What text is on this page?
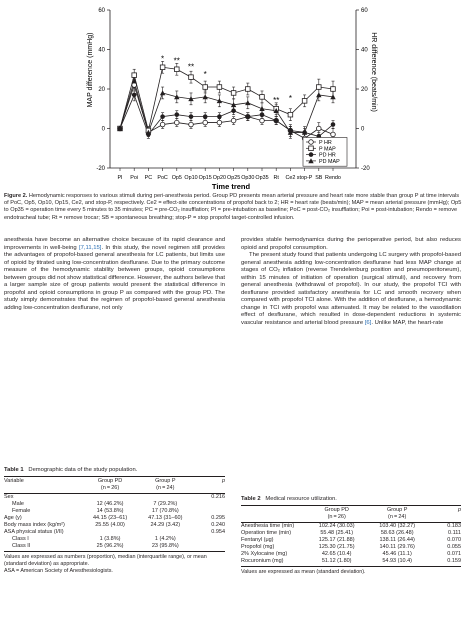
-20
0
20
40
60
-20
0
20
40
60
PI Poi PC PoC Op5 Op10 Op15 Op20 Op25 Op30 Op35 Rt Ce2 stop-P SB Rendo
* **
**
*
** *
P HR
P MAP
PD HR
PD MAP
MAP difference (mmHg)	HR difference (beats/min)
Time trend
Figure 2. Hemodynamic responses to various stimuli during peri-anesthesia period. Group PD presents mean arterial pressure and heart rate more stable than group P at time intervals of PoC, Op5, Op10, Op15, Ce2, and stop-P, respectively. Ce2 = effect-site concentrations of propofol back to 2; HR = heart rate (beats/min); MAP = mean arterial pressure (mmHg); Op5 to Op35 = operation time every 5 minutes to 35 minutes; PC = pre-CO₂ insufflation; PI = pre-intubation as baseline; PoC = post-CO₂ insufflation; Poi = post-intubation; Rendo = remove endotracheal tube; Rt = remove trocar; SB = spontaneous breathing; stop-P = stop propofol target-controlled infusion.

anesthesia have become an alternative choice because of its rapid clearance and improvements in well-being [7,11,15]. In this study, the novel regimen still provides the advantages of propofol-based general anesthesia for LC patients, but limits use of opioid by titrated using low-concentration desflurane. Due to the primary outcome measure of the hemodynamic stability between groups, opioid consumptions between groups did not show statistical difference. However, the authors believe that a larger sample size of group patients would present the statistical difference in propofol and opioid consumptions in group P as compared with the group PD. The study simply demonstrates that the regimen of propofol-based general anesthesia adding low-concentration desflurane, not only

provides stable hemodynamics during the perioperative period, but also reduces opioid and propofol consumption.

The present study found that patients undergoing LC surgery with propofol-based general anesthesia adding low-concentration desflurane had less MAP change at stages of CO₂ inflation (reverse Trendelenburg position and pneumoperitoneum), within 15 minutes of initiation of operation (surgical stimuli), and recovery from general anesthesia (withdrawal of propofol). In our study, the propofol TCI with desflurane provided satisfactory anesthesia for LC and smooth recovery when compared with propofol TCI alone. With the addition of desflurane, a hemodynamic change in TCI with propofol was attenuated. It may be related to the vasodilation effect of desflurane, which resulted in dose-dependent reductions in systemic vascular resistance and arterial blood pressure [6]. Unlike MAP, the heart-rate

Table 1 Demographic data of the study population.
Variable	Group PD	Group P	p
	(n = 26)	(n = 24)	
Sex			0.216
Male	12 (46.2%)	7 (29.2%)	
Female	14 (53.8%)	17 (70.8%)	
Age (y)	44.15 (23–61)	47.13 (31–60)	0.295
Body mass index (kg/m²)	25.55 (4.00)	24.29 (3.42)	0.240
ASA physical status (I/II)			0.954
Class I	1 (3.8%)	1 (4.2%)	
Class II	25 (96.2%)	23 (95.8%)	
Values are expressed as numbers (proportion), median (interquartile range), or mean (standard deviation) as appropriate.
ASA = American Society of Anesthesiologists.
Table 2 Medical resource utilization.
	Group PD	Group P	p
	(n = 26)	(n = 24)	
Anesthesia time (min)	102.24 (30.03)	103.40 (32.27)	0.183
Operation time (min)	55.48 (25.41)	58.63 (26.48)	0.111
Fentanyl (μg)	125.17 (21.88)	138.11 (26.44)	0.070
Propofol (mg)	125.30 (21.75)	140.11 (29.76)	0.055
2% Xylocaine (mg)	42.65 (10.4)	45.46 (11.1)	0.071
Rocuronium (mg)	51.12 (1.80)	54.93 (10.4)	0.159
Values are expressed as mean (standard deviation).
